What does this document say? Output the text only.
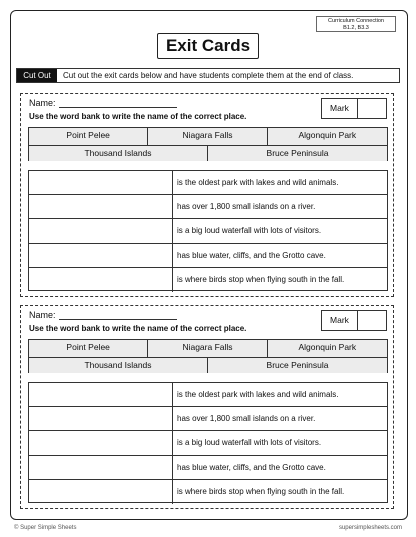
Curriculum Connection
B1.2, B3.3
Exit Cards
Cut Out	Cut out the exit cards below and have students complete them at the end of class.
Name:
Use the word bank to write the name of the correct place.
Mark
Point Pelee	Niagara Falls	Algonquin Park
Thousand Islands	Bruce Peninsula
is the oldest park with lakes and wild animals.
has over 1,800 small islands on a river.
is a big loud waterfall with lots of visitors.
has blue water, cliffs, and the Grotto cave.
is where birds stop when flying south in the fall.
Name:
Use the word bank to write the name of the correct place.
Mark
Point Pelee	Niagara Falls	Algonquin Park
Thousand Islands	Bruce Peninsula
is the oldest park with lakes and wild animals.
has over 1,800 small islands on a river.
is a big loud waterfall with lots of visitors.
has blue water, cliffs, and the Grotto cave.
is where birds stop when flying south in the fall.
© Super Simple Sheets	supersimplesheets.com
